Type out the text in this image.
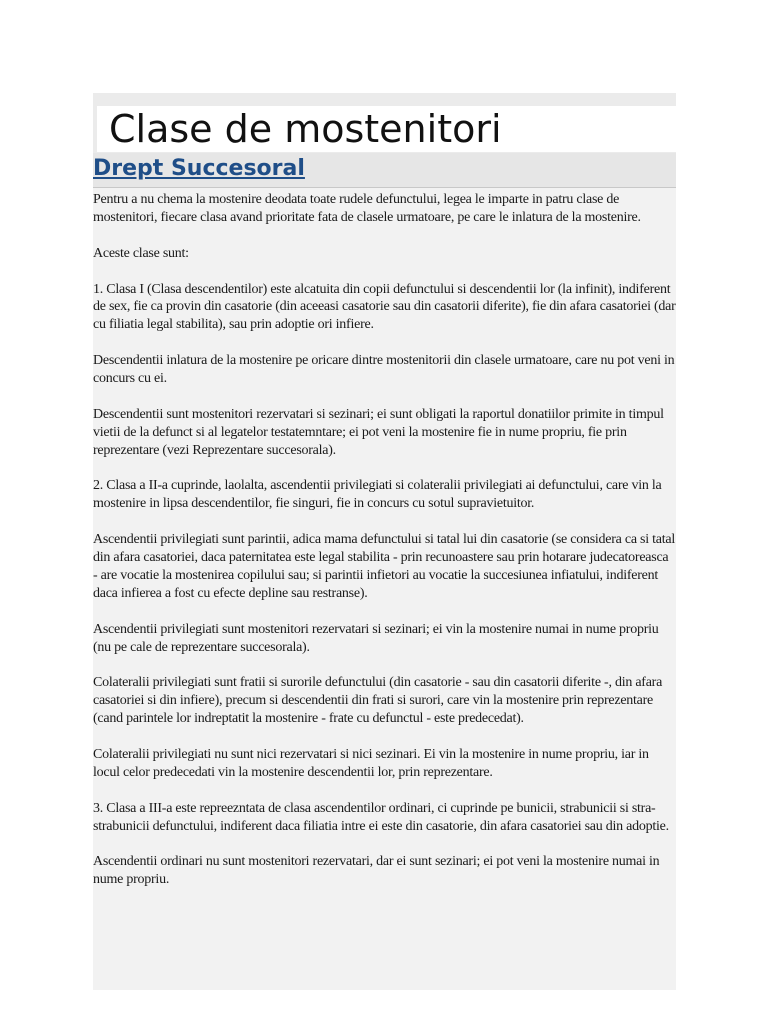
Clase de mostenitori
Drept Succesoral

Pentru a nu chema la mostenire deodata toate rudele defunctului, legea le imparte in patru clase de mostenitori, fiecare clasa avand prioritate fata de clasele urmatoare, pe care le inlatura de la mostenire.

Aceste clase sunt:

1. Clasa I (Clasa descendentilor) este alcatuita din copii defunctului si descendentii lor (la infinit), indiferent de sex, fie ca provin din casatorie (din aceeasi casatorie sau din casatorii diferite), fie din afara casatoriei (dar cu filiatia legal stabilita), sau prin adoptie ori infiere.

Descendentii inlatura de la mostenire pe oricare dintre mostenitorii din clasele urmatoare, care nu pot veni in concurs cu ei.

Descendentii sunt mostenitori rezervatari si sezinari; ei sunt obligati la raportul donatiilor primite in timpul vietii de la defunct si al legatelor testatemntare; ei pot veni la mostenire fie in nume propriu, fie prin reprezentare (vezi Reprezentare succesorala).

2. Clasa a II-a cuprinde, laolalta, ascendentii privilegiati si colateralii privilegiati ai defunctului, care vin la mostenire in lipsa descendentilor, fie singuri, fie in concurs cu sotul supravietuitor.

Ascendentii privilegiati sunt parintii, adica mama defunctului si tatal lui din casatorie (se considera ca si tatal din afara casatoriei, daca paternitatea este legal stabilita - prin recunoastere sau prin hotarare judecatoreasca - are vocatie la mostenirea copilului sau; si parintii infietori au vocatie la succesiunea infiatului, indiferent daca infierea a fost cu efecte depline sau restranse).

Ascendentii privilegiati sunt mostenitori rezervatari si sezinari; ei vin la mostenire numai in nume propriu (nu pe cale de reprezentare succesorala).

Colateralii privilegiati sunt fratii si surorile defunctului (din casatorie - sau din casatorii diferite -, din afara casatoriei si din infiere), precum si descendentii din frati si surori, care vin la mostenire prin reprezentare (cand parintele lor indreptatit la mostenire - frate cu defunctul - este predecedat).

Colateralii privilegiati nu sunt nici rezervatari si nici sezinari. Ei vin la mostenire in nume propriu, iar in locul celor predecedati vin la mostenire descendentii lor, prin reprezentare.

3. Clasa a III-a este repreezntata de clasa ascendentilor ordinari, ci cuprinde pe bunicii, strabunicii si stra-strabunicii defunctului, indiferent daca filiatia intre ei este din casatorie, din afara casatoriei sau din adoptie.

Ascendentii ordinari nu sunt mostenitori rezervatari, dar ei sunt sezinari; ei pot veni la mostenire numai in nume propriu.
